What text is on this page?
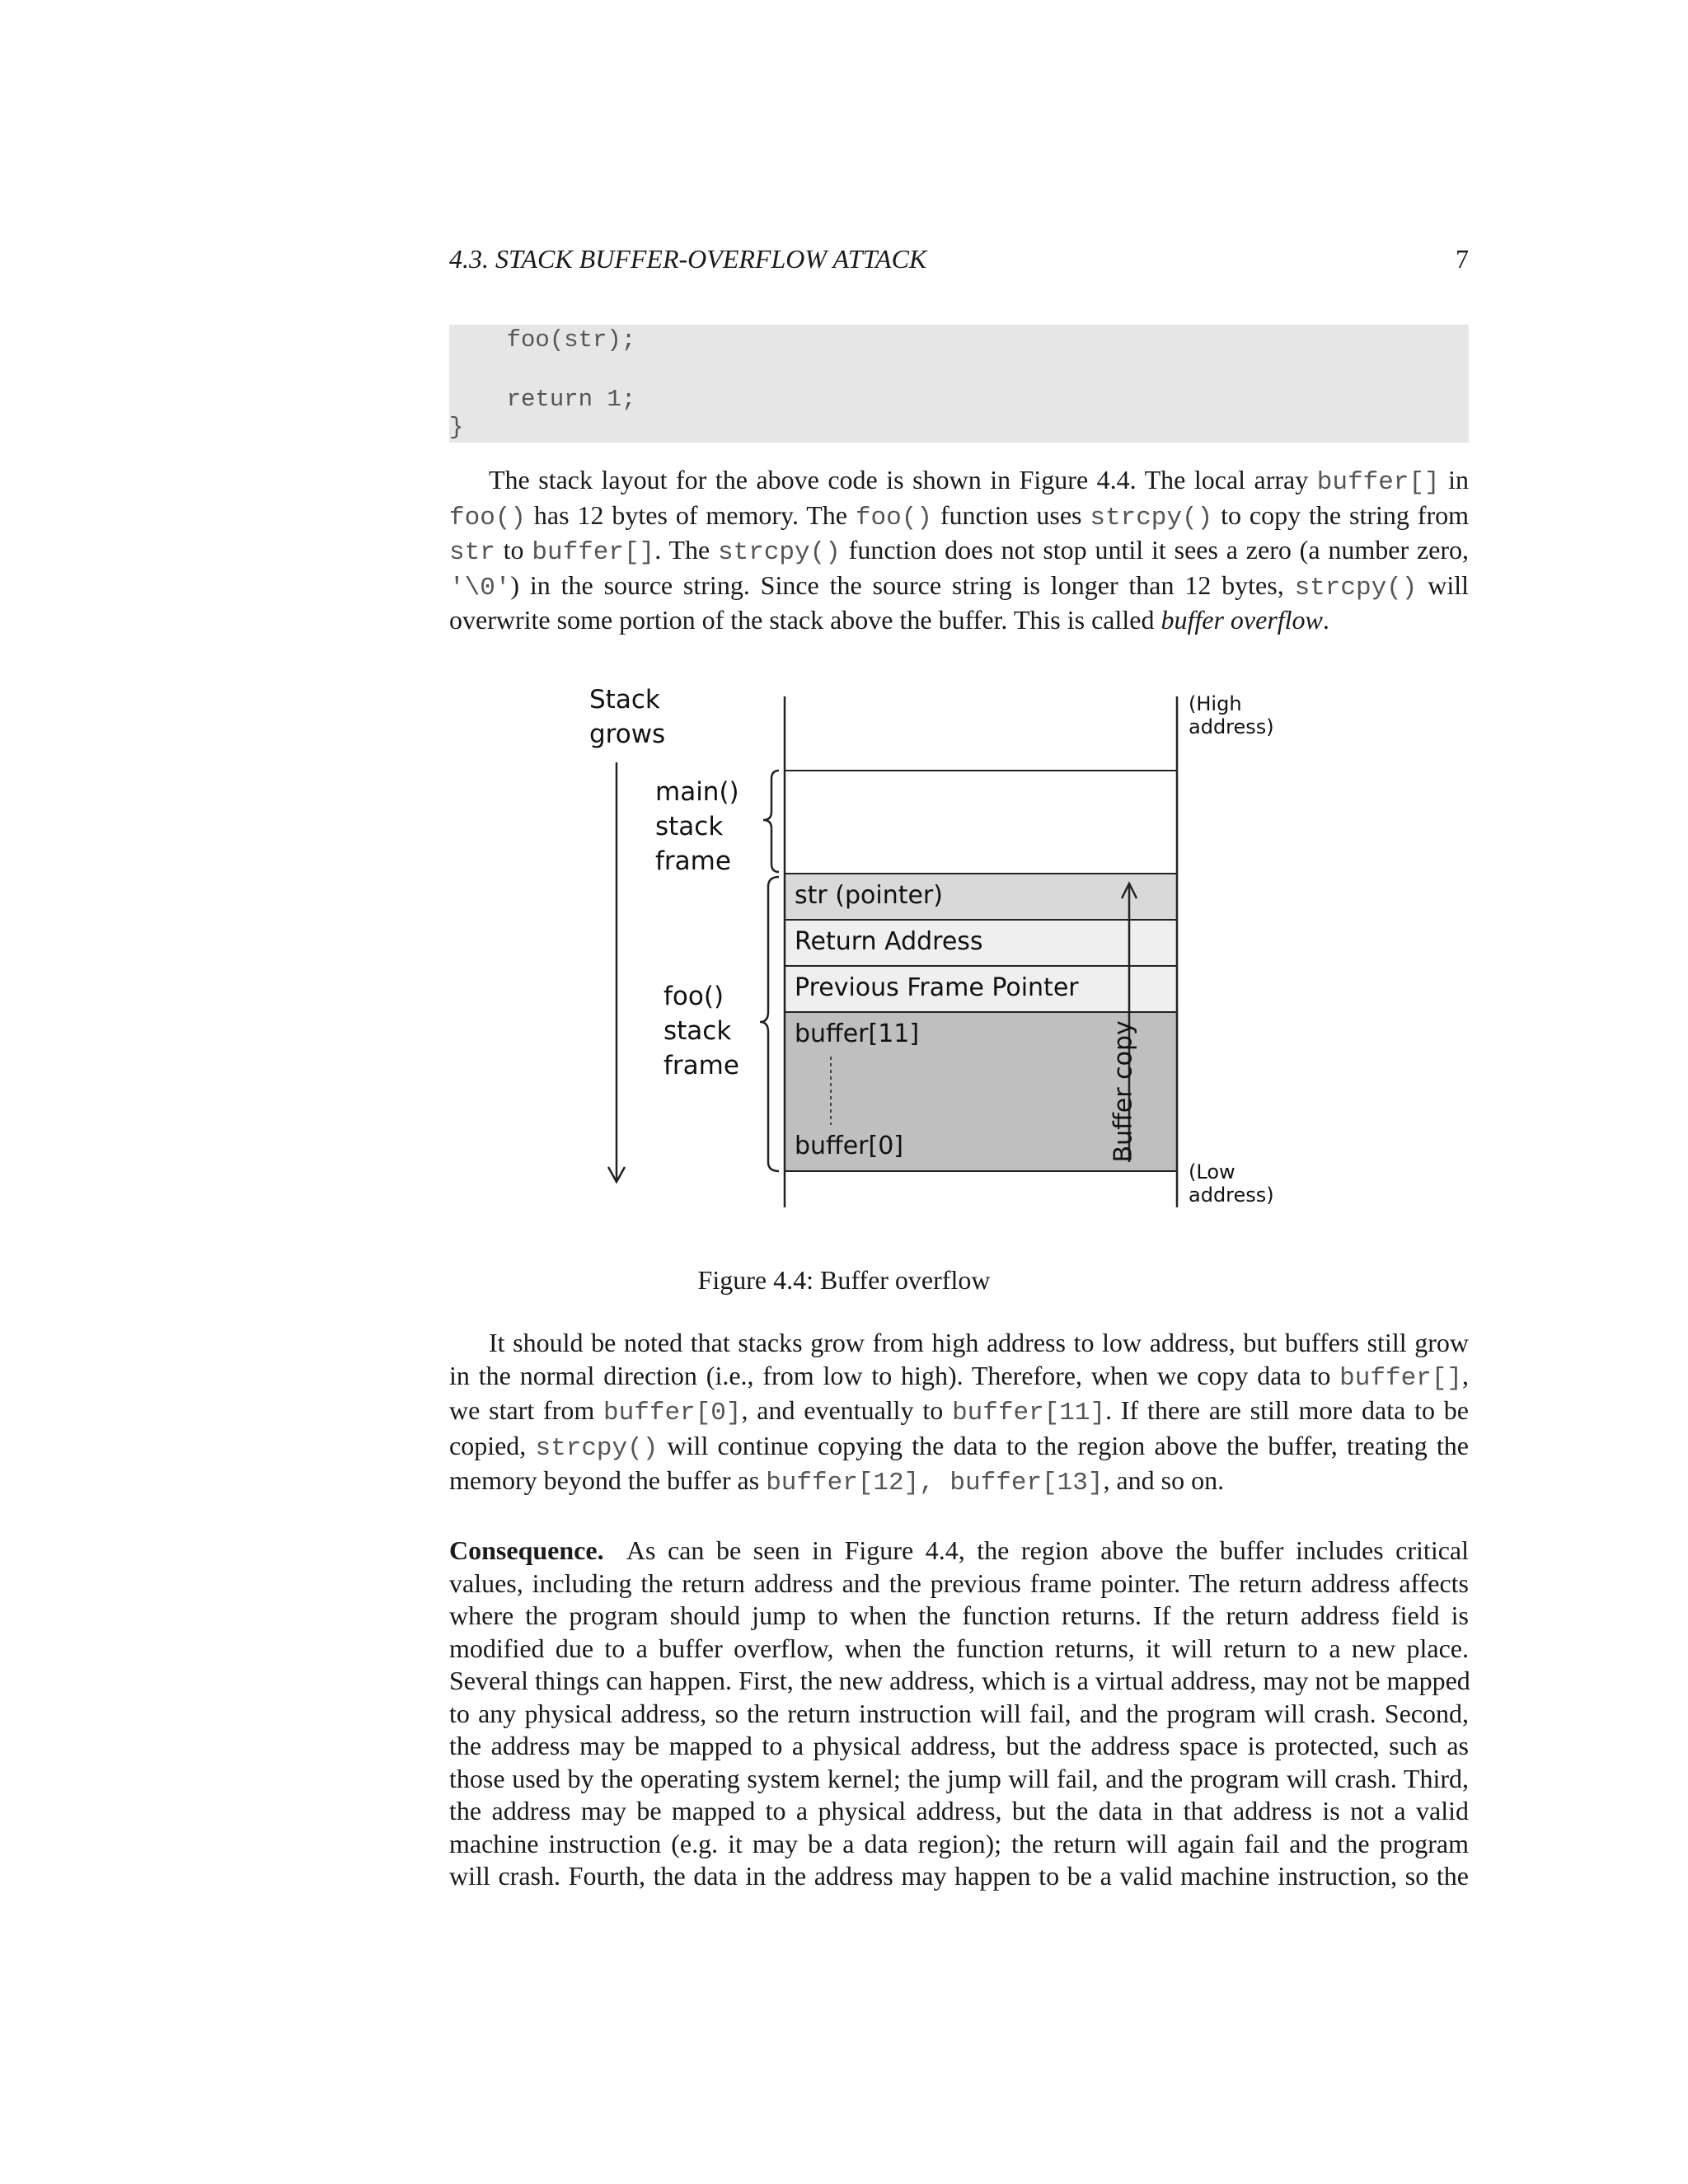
4.3. STACK BUFFER-OVERFLOW ATTACK	7
foo(str);
return 1;
}
The stack layout for the above code is shown in Figure 4.4. The local array buffer[] in
foo() has 12 bytes of memory. The foo() function uses strcpy() to copy the string from
str to buffer[]. The strcpy() function does not stop until it sees a zero (a number zero,
'\0') in the source string. Since the source string is longer than 12 bytes, strcpy() will
overwrite some portion of the stack above the buffer. This is called buffer overflow.
Stack
grows
main()
stack
frame
foo()
stack
frame
(High address)
(Low address)
str (pointer)
Return Address
Previous Frame Pointer
buffer[11]
buffer[0]	Buffer copy
Figure 4.4: Buffer overflow
It should be noted that stacks grow from high address to low address, but buffers still grow
in the normal direction (i.e., from low to high). Therefore, when we copy data to buffer[],
we start from buffer[0], and eventually to buffer[11]. If there are still more data to be
copied, strcpy() will continue copying the data to the region above the buffer, treating the
memory beyond the buffer as buffer[12], buffer[13], and so on.
Consequence.  As can be seen in Figure 4.4, the region above the buffer includes critical
values, including the return address and the previous frame pointer. The return address affects
where the program should jump to when the function returns. If the return address field is
modified due to a buffer overflow, when the function returns, it will return to a new place.
Several things can happen. First, the new address, which is a virtual address, may not be mapped
to any physical address, so the return instruction will fail, and the program will crash. Second,
the address may be mapped to a physical address, but the address space is protected, such as
those used by the operating system kernel; the jump will fail, and the program will crash. Third,
the address may be mapped to a physical address, but the data in that address is not a valid
machine instruction (e.g. it may be a data region); the return will again fail and the program
will crash. Fourth, the data in the address may happen to be a valid machine instruction, so the
